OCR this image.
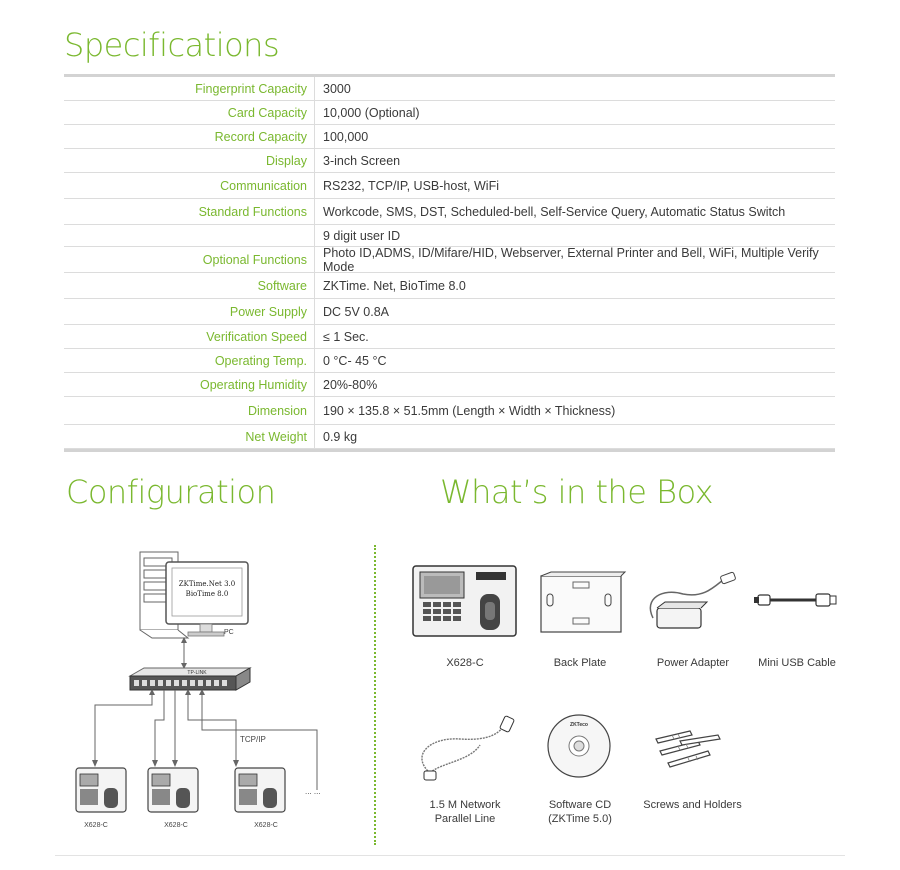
Specifications
Configuration	What’s in the Box
Fingerprint Capacity	3000
Card Capacity	10,000 (Optional)
Record Capacity	100,000
Display	3-inch Screen
Communication	RS232, TCP/IP, USB-host, WiFi
Standard Functions	Workcode, SMS, DST, Scheduled-bell, Self-Service Query, Automatic Status Switch
9 digit user ID
Optional Functions	Photo ID,ADMS, ID/Mifare/HID, Webserver, External Printer and Bell, WiFi, Multiple Verify Mode
Software	ZKTime. Net, BioTime 8.0
Power Supply	DC 5V 0.8A
Verification Speed	≤ 1 Sec.
Operating Temp.	0 °C- 45 °C
Operating Humidity	20%-80%
Dimension	190 × 135.8 × 51.5mm (Length × Width × Thickness)
Net Weight	0.9 kg
ZKTime.Net 3.0
BioTime 8.0
PC
TP-LINK
TCP/IP
X628-C	X628-C	X628-C
... ...
X628-C	Back Plate	Power Adapter	Mini USB Cable
1.5 M Network
Parallel Line
ZKTeco
Software CD
(ZKTime 5.0)
Screws and Holders
